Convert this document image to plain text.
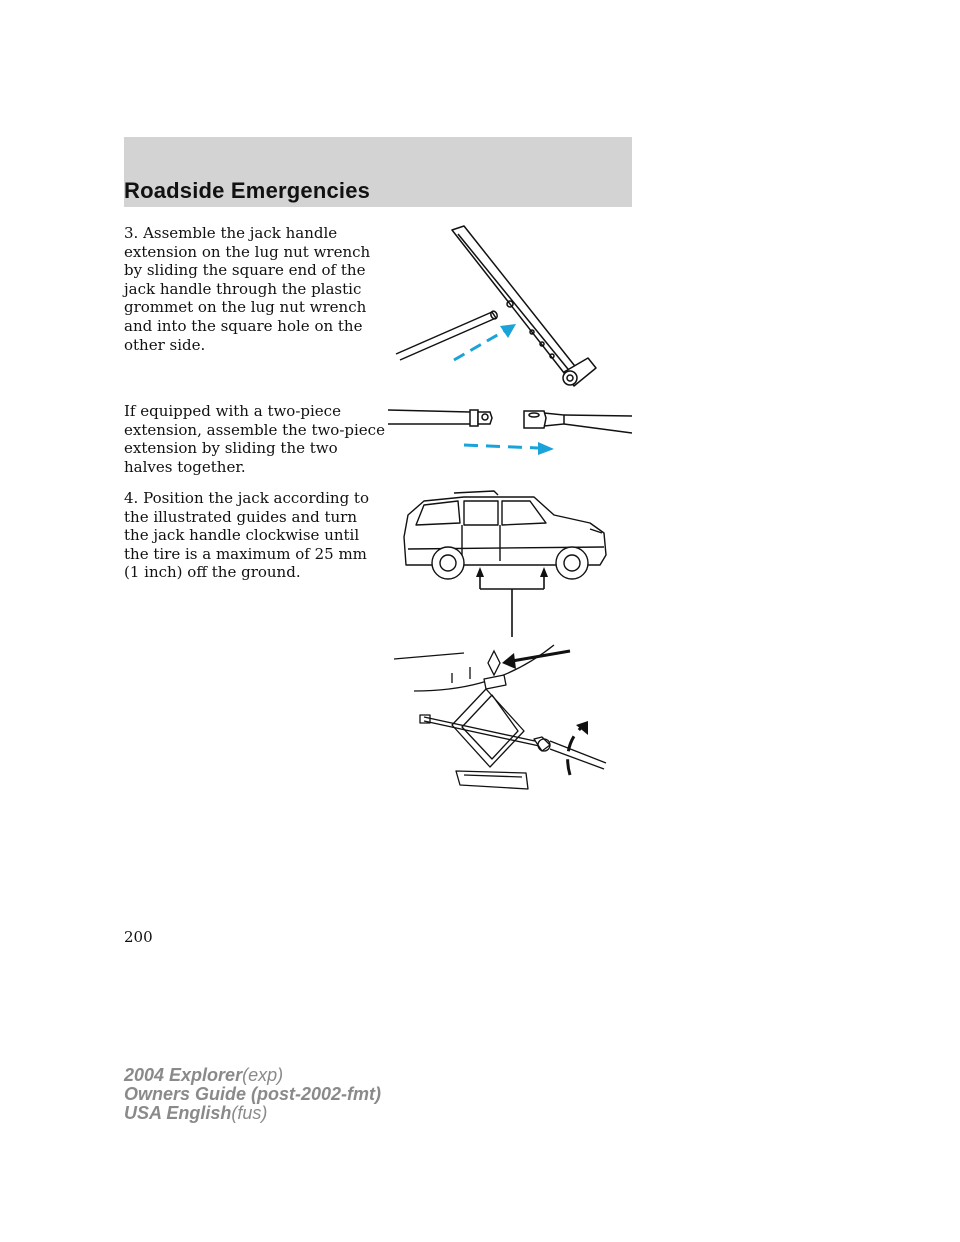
Roadside Emergencies
3. Assemble the jack handle extension on the lug nut wrench by sliding the square end of the jack handle through the plastic grommet on the lug nut wrench and into the square hole on the other side.
If equipped with a two-piece extension, assemble the two-piece extension by sliding the two halves together.
4. Position the jack according to the illustrated guides and turn the jack handle clockwise until the tire is a maximum of 25 mm (1 inch) off the ground.
200
2004 Explorer(exp)
Owners Guide (post-2002-fmt)
USA English(fus)
